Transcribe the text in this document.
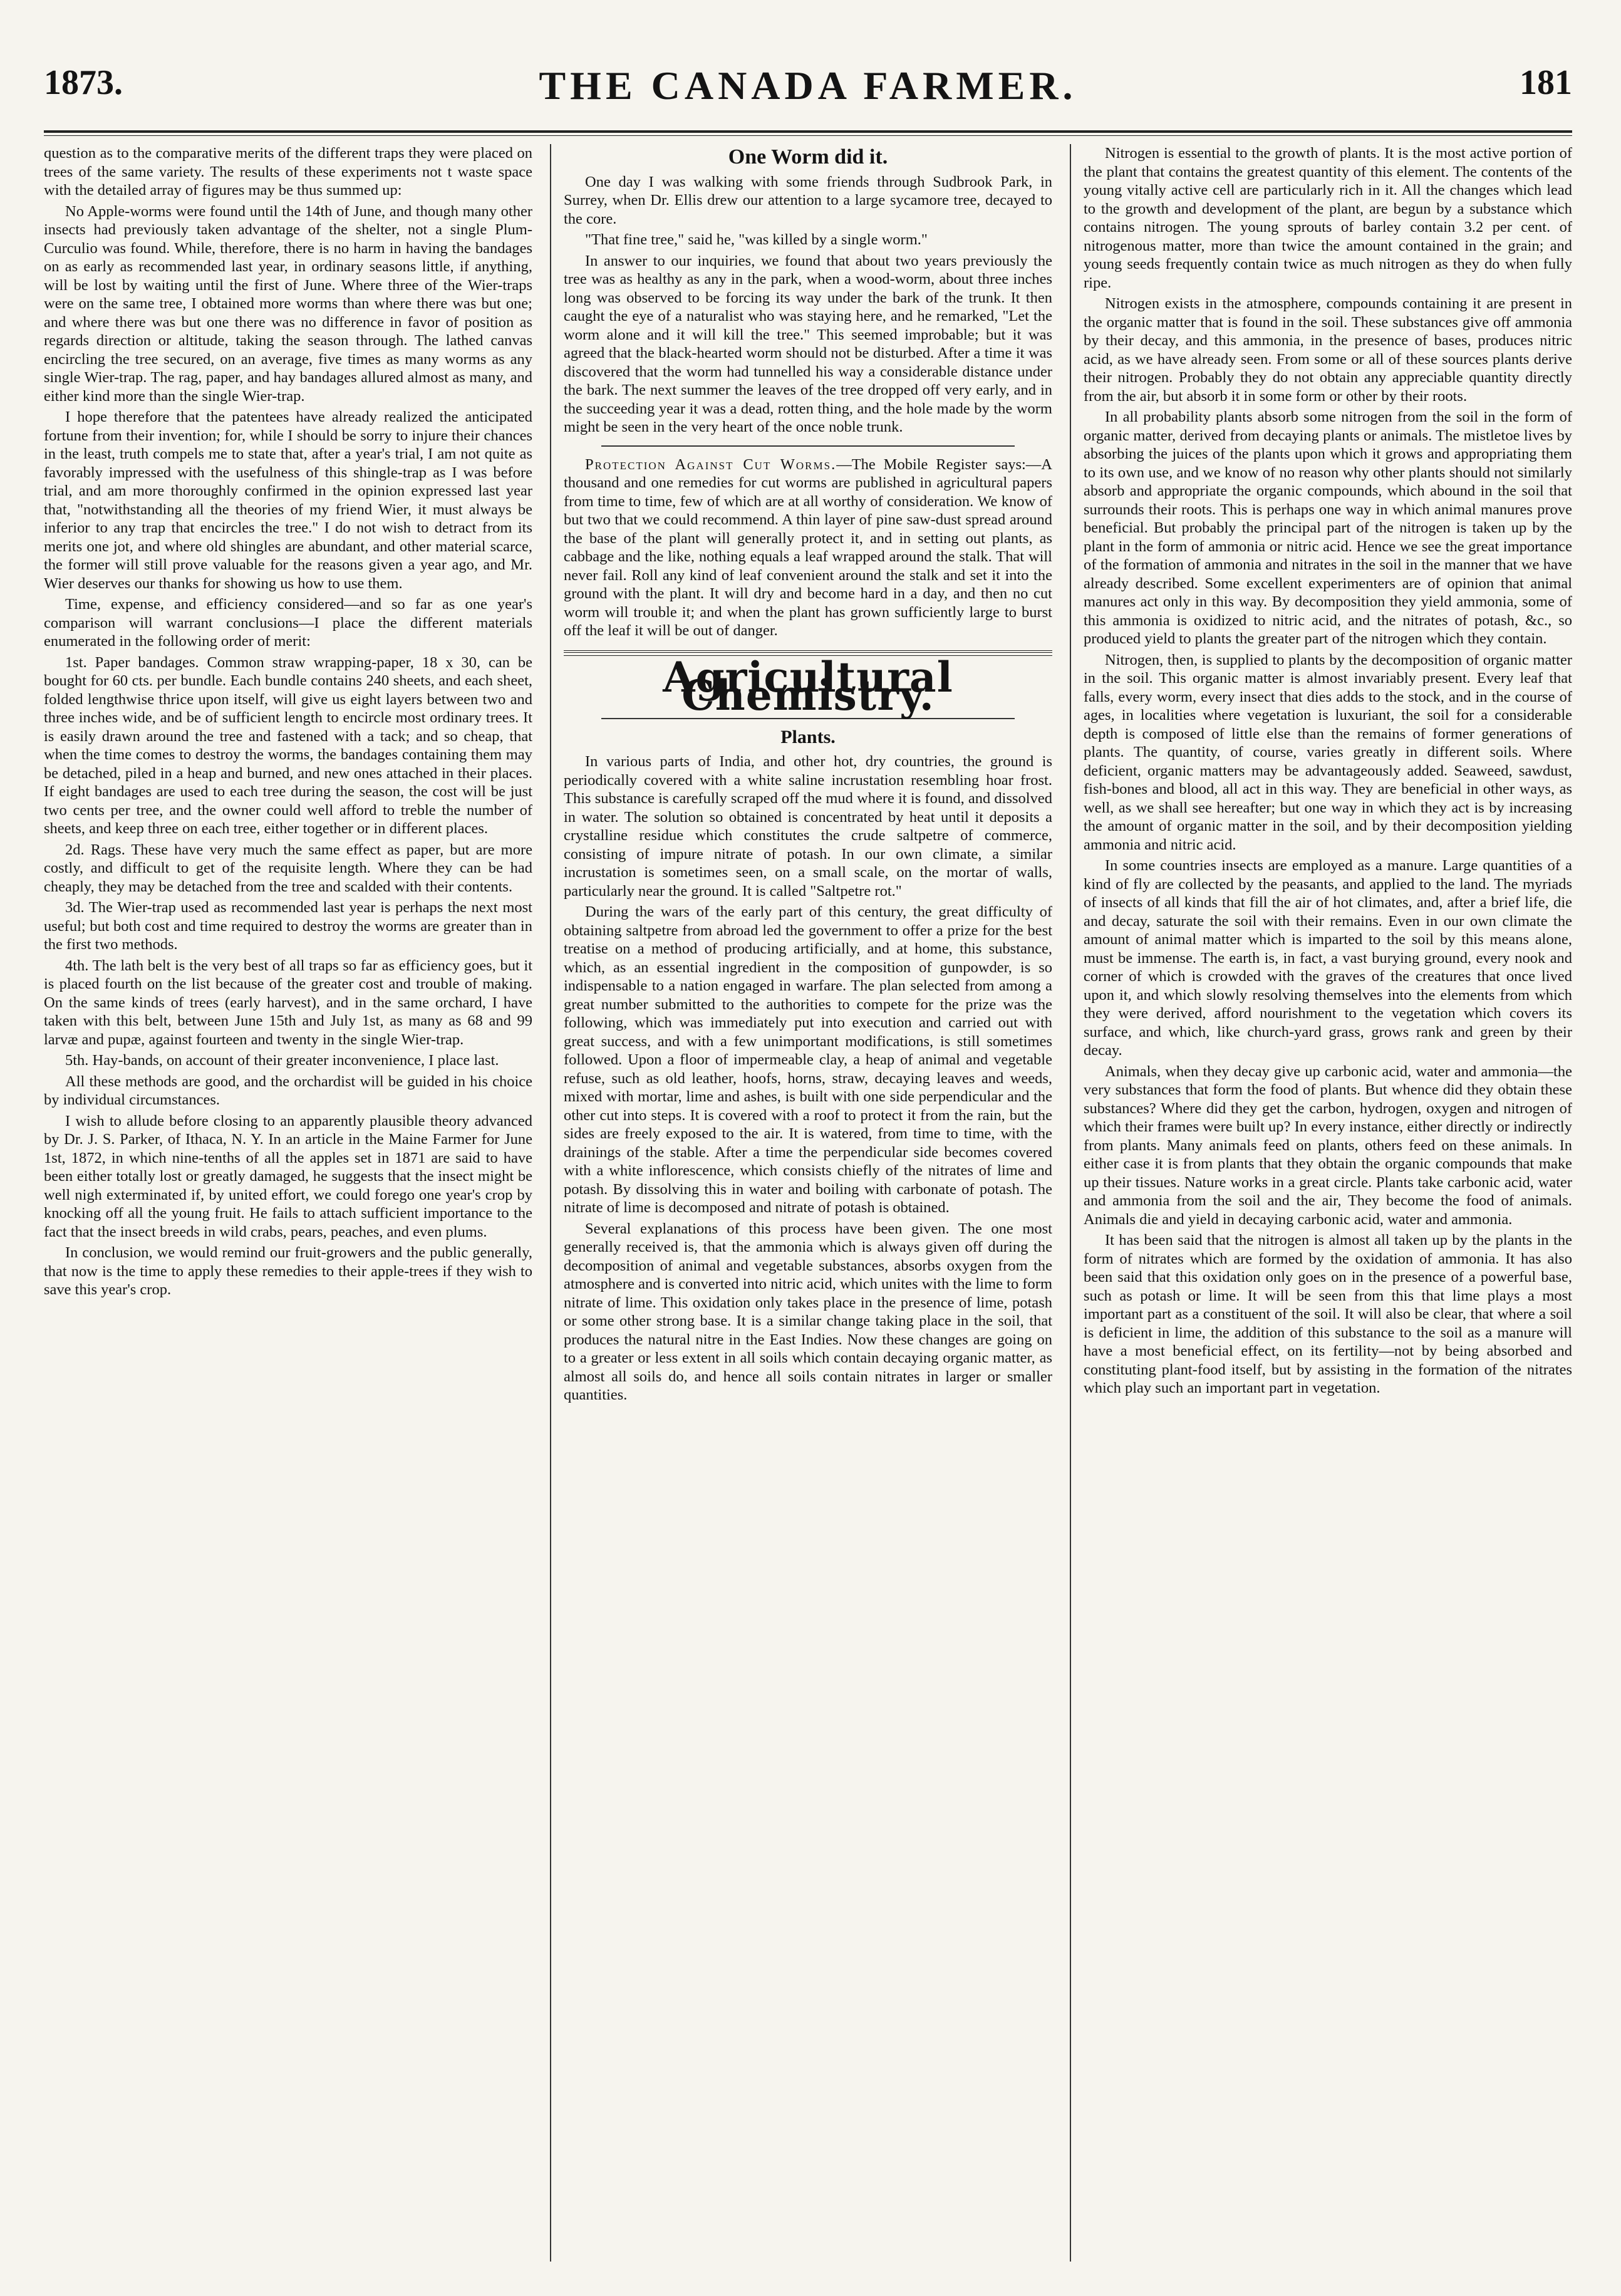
THE CANADA FARMER.
1873.	181

question as to the comparative merits of the different traps they were placed on trees of the same variety. The results of these experiments not t waste space with the detailed array of figures may be thus summed up:

No Apple-worms were found until the 14th of June, and though many other insects had previously taken advantage of the shelter, not a single Plum-Curculio was found. While, therefore, there is no harm in having the bandages on as early as recommended last year, in ordinary seasons little, if anything, will be lost by waiting until the first of June. Where three of the Wier-traps were on the same tree, I obtained more worms than where there was but one; and where there was but one there was no difference in favor of position as regards direction or altitude, taking the season through. The lathed canvas encircling the tree secured, on an average, five times as many worms as any single Wier-trap. The rag, paper, and hay bandages allured almost as many, and either kind more than the single Wier-trap.

I hope therefore that the patentees have already realized the anticipated fortune from their invention; for, while I should be sorry to injure their chances in the least, truth compels me to state that, after a year's trial, I am not quite as favorably impressed with the usefulness of this shingle-trap as I was before trial, and am more thoroughly confirmed in the opinion expressed last year that, "notwithstanding all the theories of my friend Wier, it must always be inferior to any trap that encircles the tree." I do not wish to detract from its merits one jot, and where old shingles are abundant, and other material scarce, the former will still prove valuable for the reasons given a year ago, and Mr. Wier deserves our thanks for showing us how to use them.

Time, expense, and efficiency considered—and so far as one year's comparison will warrant conclusions—I place the different materials enumerated in the following order of merit:

1st. Paper bandages. Common straw wrapping-paper, 18 x 30, can be bought for 60 cts. per bundle. Each bundle contains 240 sheets, and each sheet, folded lengthwise thrice upon itself, will give us eight layers between two and three inches wide, and be of sufficient length to encircle most ordinary trees. It is easily drawn around the tree and fastened with a tack; and so cheap, that when the time comes to destroy the worms, the bandages containing them may be detached, piled in a heap and burned, and new ones attached in their places. If eight bandages are used to each tree during the season, the cost will be just two cents per tree, and the owner could well afford to treble the number of sheets, and keep three on each tree, either together or in different places.

2d. Rags. These have very much the same effect as paper, but are more costly, and difficult to get of the requisite length. Where they can be had cheaply, they may be detached from the tree and scalded with their contents.

3d. The Wier-trap used as recommended last year is perhaps the next most useful; but both cost and time required to destroy the worms are greater than in the first two methods.

4th. The lath belt is the very best of all traps so far as efficiency goes, but it is placed fourth on the list because of the greater cost and trouble of making. On the same kinds of trees (early harvest), and in the same orchard, I have taken with this belt, between June 15th and July 1st, as many as 68 and 99 larvæ and pupæ, against fourteen and twenty in the single Wier-trap.

5th. Hay-bands, on account of their greater inconvenience, I place last.

All these methods are good, and the orchardist will be guided in his choice by individual circumstances.

I wish to allude before closing to an apparently plausible theory advanced by Dr. J. S. Parker, of Ithaca, N. Y. In an article in the Maine Farmer for June 1st, 1872, in which nine-tenths of all the apples set in 1871 are said to have been either totally lost or greatly damaged, he suggests that the insect might be well nigh exterminated if, by united effort, we could forego one year's crop by knocking off all the young fruit. He fails to attach sufficient importance to the fact that the insect breeds in wild crabs, pears, peaches, and even plums.

In conclusion, we would remind our fruit-growers and the public generally, that now is the time to apply these remedies to their apple-trees if they wish to save this year's crop.

One Worm did it.

One day I was walking with some friends through Sudbrook Park, in Surrey, when Dr. Ellis drew our attention to a large sycamore tree, decayed to the core.

"That fine tree," said he, "was killed by a single worm."

In answer to our inquiries, we found that about two years previously the tree was as healthy as any in the park, when a wood-worm, about three inches long was observed to be forcing its way under the bark of the trunk. It then caught the eye of a naturalist who was staying here, and he remarked, "Let the worm alone and it will kill the tree." This seemed improbable; but it was agreed that the black-hearted worm should not be disturbed. After a time it was discovered that the worm had tunnelled his way a considerable distance under the bark. The next summer the leaves of the tree dropped off very early, and in the succeeding year it was a dead, rotten thing, and the hole made by the worm might be seen in the very heart of the once noble trunk.

Protection Against Cut Worms.—The Mobile Register says:—A thousand and one remedies for cut worms are published in agricultural papers from time to time, few of which are at all worthy of consideration. We know of but two that we could recommend. A thin layer of pine saw-dust spread around the base of the plant will generally protect it, and in setting out plants, as cabbage and the like, nothing equals a leaf wrapped around the stalk. That will never fail. Roll any kind of leaf convenient around the stalk and set it into the ground with the plant. It will dry and become hard in a day, and then no cut worm will trouble it; and when the plant has grown sufficiently large to burst off the leaf it will be out of danger.

Agricultural Chemistry.
Plants.

In various parts of India, and other hot, dry countries, the ground is periodically covered with a white saline incrustation resembling hoar frost. This substance is carefully scraped off the mud where it is found, and dissolved in water. The solution so obtained is concentrated by heat until it deposits a crystalline residue which constitutes the crude saltpetre of commerce, consisting of impure nitrate of potash. In our own climate, a similar incrustation is sometimes seen, on a small scale, on the mortar of walls, particularly near the ground. It is called "Saltpetre rot."

During the wars of the early part of this century, the great difficulty of obtaining saltpetre from abroad led the government to offer a prize for the best treatise on a method of producing artificially, and at home, this substance, which, as an essential ingredient in the composition of gunpowder, is so indispensable to a nation engaged in warfare. The plan selected from among a great number submitted to the authorities to compete for the prize was the following, which was immediately put into execution and carried out with great success, and with a few unimportant modifications, is still sometimes followed. Upon a floor of impermeable clay, a heap of animal and vegetable refuse, such as old leather, hoofs, horns, straw, decaying leaves and weeds, mixed with mortar, lime and ashes, is built with one side perpendicular and the other cut into steps. It is covered with a roof to protect it from the rain, but the sides are freely exposed to the air. It is watered, from time to time, with the drainings of the stable. After a time the perpendicular side becomes covered with a white inflorescence, which consists chiefly of the nitrates of lime and potash. By dissolving this in water and boiling with carbonate of potash. The nitrate of lime is decomposed and nitrate of potash is obtained.

Several explanations of this process have been given. The one most generally received is, that the ammonia which is always given off during the decomposition of animal and vegetable substances, absorbs oxygen from the atmosphere and is converted into nitric acid, which unites with the lime to form nitrate of lime. This oxidation only takes place in the presence of lime, potash or some other strong base. It is a similar change taking place in the soil, that produces the natural nitre in the East Indies. Now these changes are going on to a greater or less extent in all soils which contain decaying organic matter, as almost all soils do, and hence all soils contain nitrates in larger or smaller quantities.

Nitrogen is essential to the growth of plants. It is the most active portion of the plant that contains the greatest quantity of this element. The contents of the young vitally active cell are particularly rich in it. All the changes which lead to the growth and development of the plant, are begun by a substance which contains nitrogen. The young sprouts of barley contain 3.2 per cent. of nitrogenous matter, more than twice the amount contained in the grain; and young seeds frequently contain twice as much nitrogen as they do when fully ripe.

Nitrogen exists in the atmosphere, compounds containing it are present in the organic matter that is found in the soil. These substances give off ammonia by their decay, and this ammonia, in the presence of bases, produces nitric acid, as we have already seen. From some or all of these sources plants derive their nitrogen. Probably they do not obtain any appreciable quantity directly from the air, but absorb it in some form or other by their roots.

In all probability plants absorb some nitrogen from the soil in the form of organic matter, derived from decaying plants or animals. The mistletoe lives by absorbing the juices of the plants upon which it grows and appropriating them to its own use, and we know of no reason why other plants should not similarly absorb and appropriate the organic compounds, which abound in the soil that surrounds their roots. This is perhaps one way in which animal manures prove beneficial. But probably the principal part of the nitrogen is taken up by the plant in the form of ammonia or nitric acid. Hence we see the great importance of the formation of ammonia and nitrates in the soil in the manner that we have already described. Some excellent experimenters are of opinion that animal manures act only in this way. By decomposition they yield ammonia, some of this ammonia is oxidized to nitric acid, and the nitrates of potash, &c., so produced yield to plants the greater part of the nitrogen which they contain.

Nitrogen, then, is supplied to plants by the decomposition of organic matter in the soil. This organic matter is almost invariably present. Every leaf that falls, every worm, every insect that dies adds to the stock, and in the course of ages, in localities where vegetation is luxuriant, the soil for a considerable depth is composed of little else than the remains of former generations of plants. The quantity, of course, varies greatly in different soils. Where deficient, organic matters may be advantageously added. Seaweed, sawdust, fish-bones and blood, all act in this way. They are beneficial in other ways, as well, as we shall see hereafter; but one way in which they act is by increasing the amount of organic matter in the soil, and by their decomposition yielding ammonia and nitric acid.

In some countries insects are employed as a manure. Large quantities of a kind of fly are collected by the peasants, and applied to the land. The myriads of insects of all kinds that fill the air of hot climates, and, after a brief life, die and decay, saturate the soil with their remains. Even in our own climate the amount of animal matter which is imparted to the soil by this means alone, must be immense. The earth is, in fact, a vast burying ground, every nook and corner of which is crowded with the graves of the creatures that once lived upon it, and which slowly resolving themselves into the elements from which they were derived, afford nourishment to the vegetation which covers its surface, and which, like church-yard grass, grows rank and green by their decay.

Animals, when they decay give up carbonic acid, water and ammonia—the very substances that form the food of plants. But whence did they obtain these substances? Where did they get the carbon, hydrogen, oxygen and nitrogen of which their frames were built up? In every instance, either directly or indirectly from plants. Many animals feed on plants, others feed on these animals. In either case it is from plants that they obtain the organic compounds that make up their tissues. Nature works in a great circle. Plants take carbonic acid, water and ammonia from the soil and the air, They become the food of animals. Animals die and yield in decaying carbonic acid, water and ammonia.

It has been said that the nitrogen is almost all taken up by the plants in the form of nitrates which are formed by the oxidation of ammonia. It has also been said that this oxidation only goes on in the presence of a powerful base, such as potash or lime. It will be seen from this that lime plays a most important part as a constituent of the soil. It will also be clear, that where a soil is deficient in lime, the addition of this substance to the soil as a manure will have a most beneficial effect, on its fertility—not by being absorbed and constituting plant-food itself, but by assisting in the formation of the nitrates which play such an important part in vegetation.
